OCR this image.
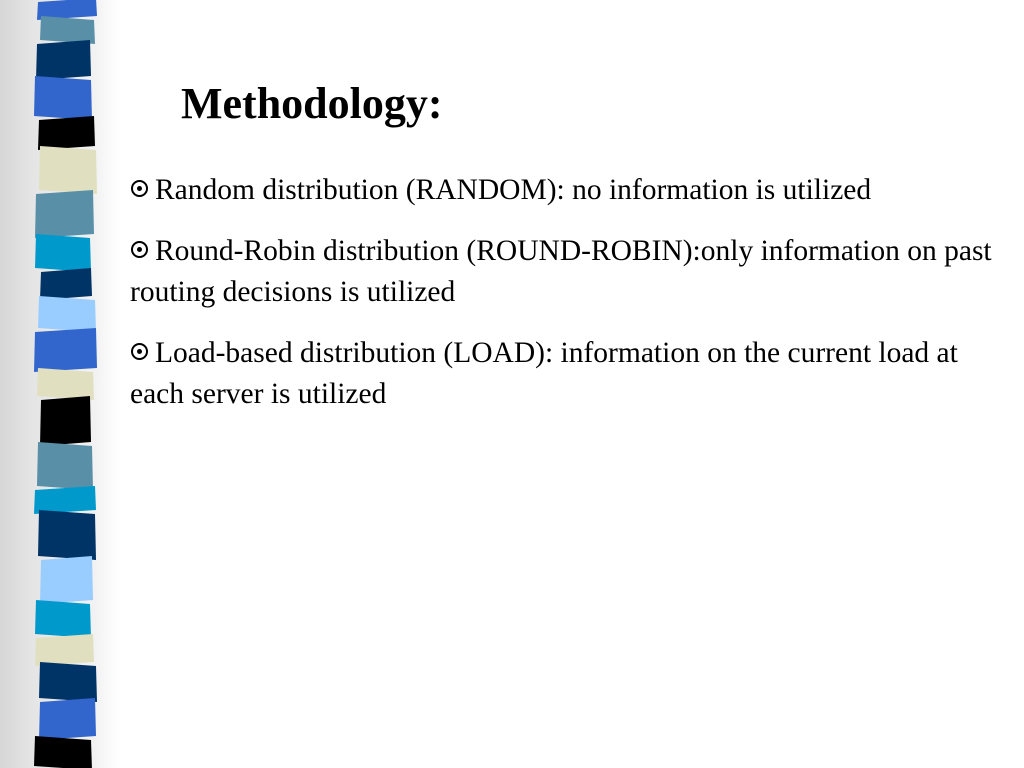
Methodology:
Random distribution (RANDOM): no information is utilized
Round-Robin distribution (ROUND-ROBIN):only information on past routing decisions is utilized
Load-based distribution (LOAD): information on the current load at each server is utilized
